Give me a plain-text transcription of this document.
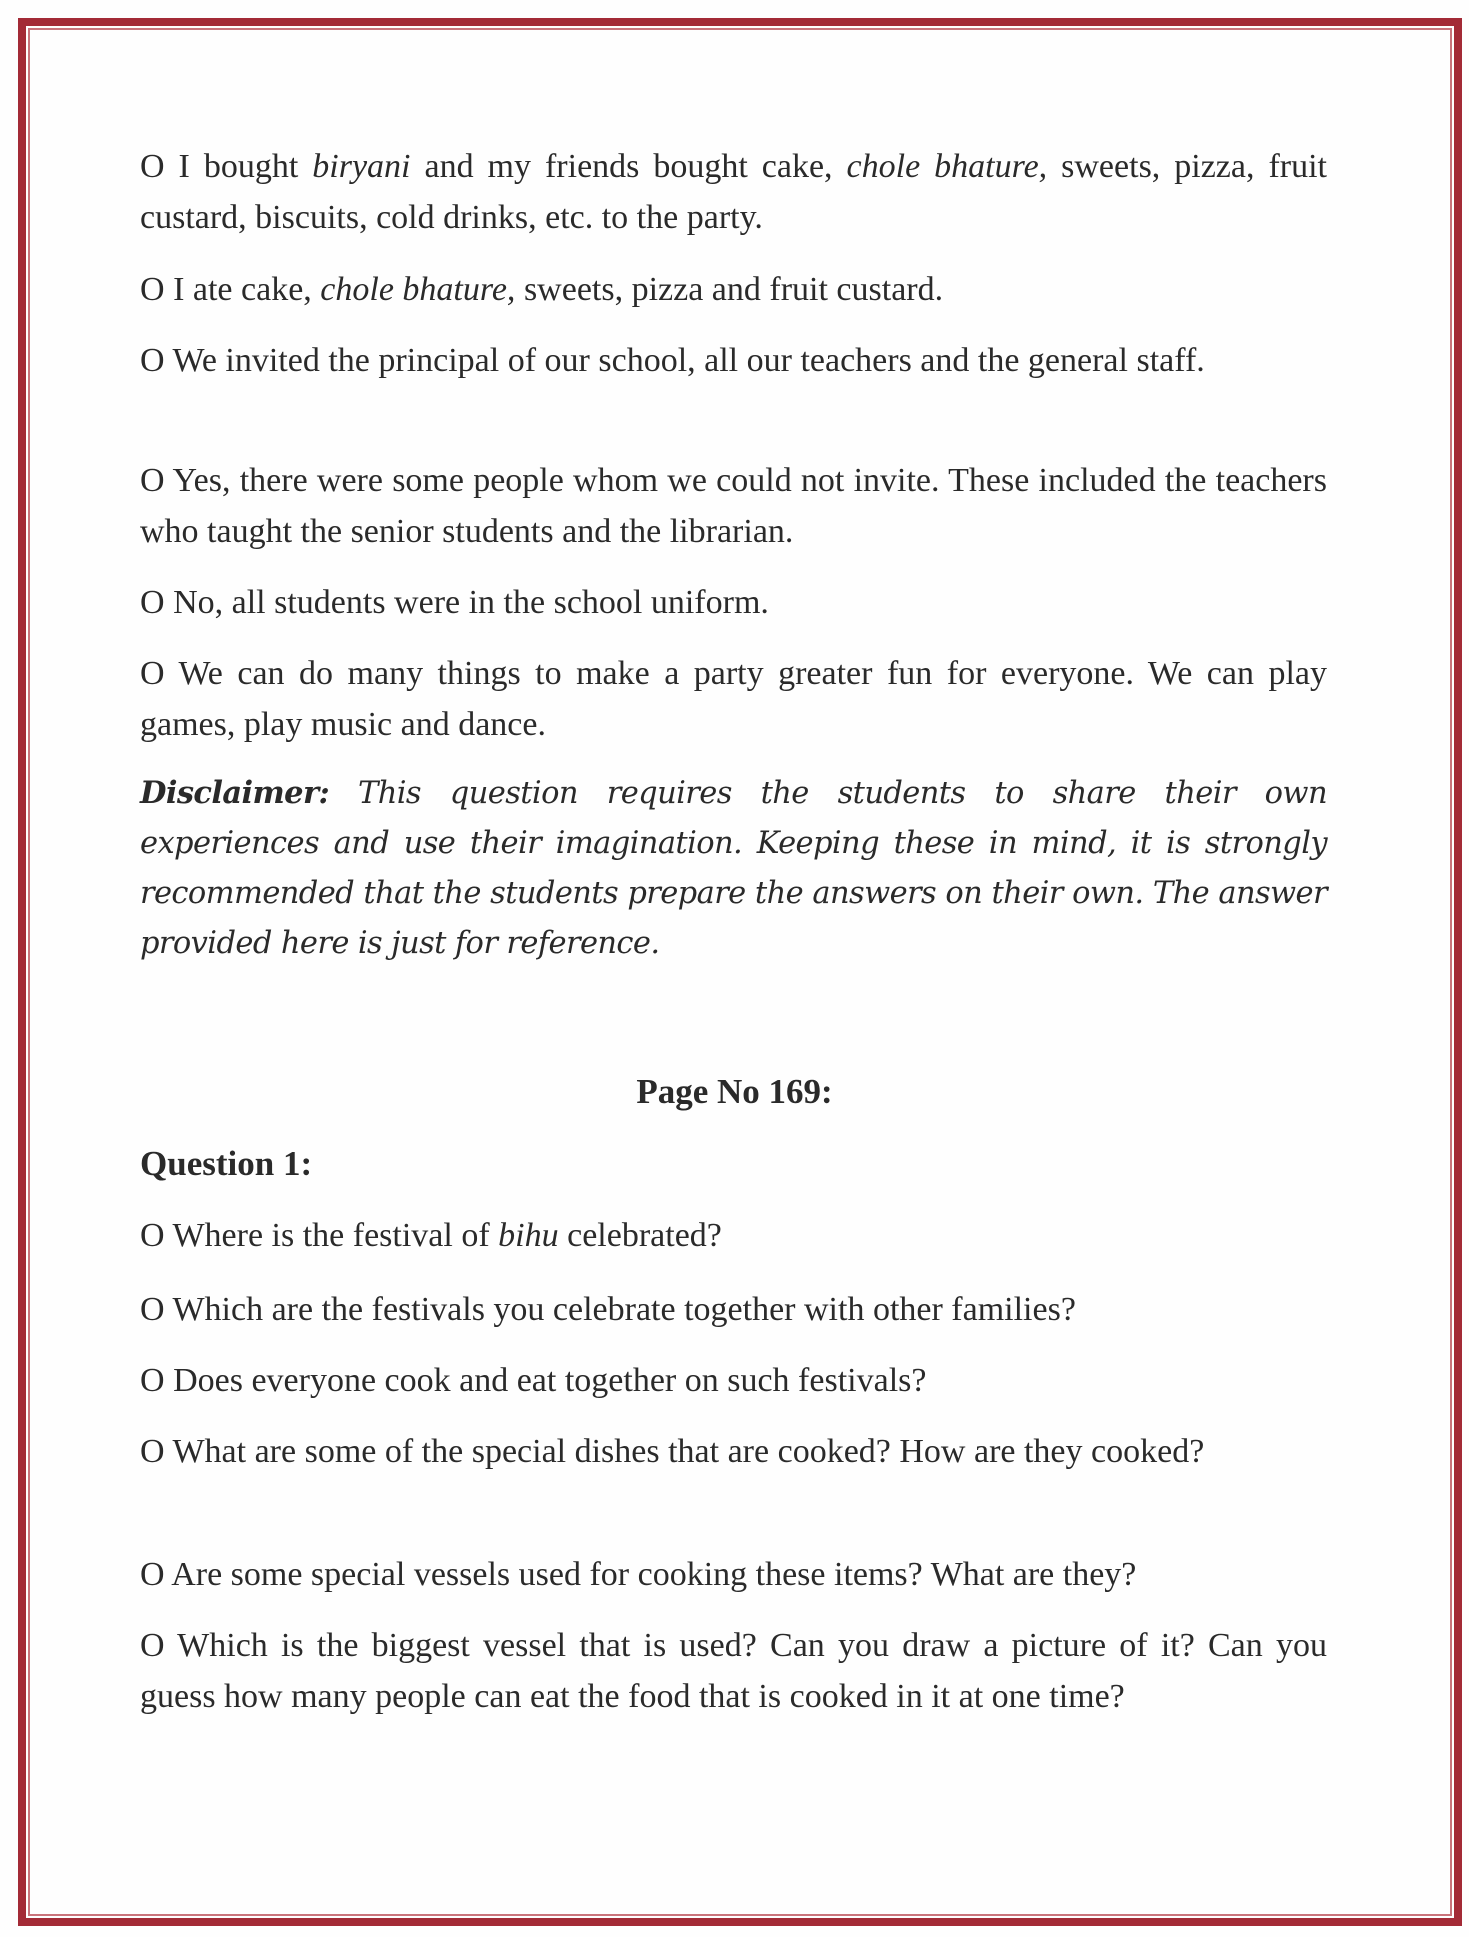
O I bought biryani and my friends bought cake, chole bhature, sweets, pizza, fruit custard, biscuits, cold drinks, etc. to the party.

O I ate cake, chole bhature, sweets, pizza and fruit custard.

O We invited the principal of our school, all our teachers and the general staff.

O Yes, there were some people whom we could not invite. These included the teachers who taught the senior students and the librarian.

O No, all students were in the school uniform.

O We can do many things to make a party greater fun for everyone. We can play games, play music and dance.

Disclaimer: This question requires the students to share their own experiences and use their imagination. Keeping these in mind, it is strongly recommended that the students prepare the answers on their own. The answer provided here is just for reference.

Page No 169:
Question 1:

O Where is the festival of bihu celebrated?

O Which are the festivals you celebrate together with other families?

O Does everyone cook and eat together on such festivals?

O What are some of the special dishes that are cooked? How are they cooked?

O Are some special vessels used for cooking these items? What are they?

O Which is the biggest vessel that is used? Can you draw a picture of it? Can you guess how many people can eat the food that is cooked in it at one time?
